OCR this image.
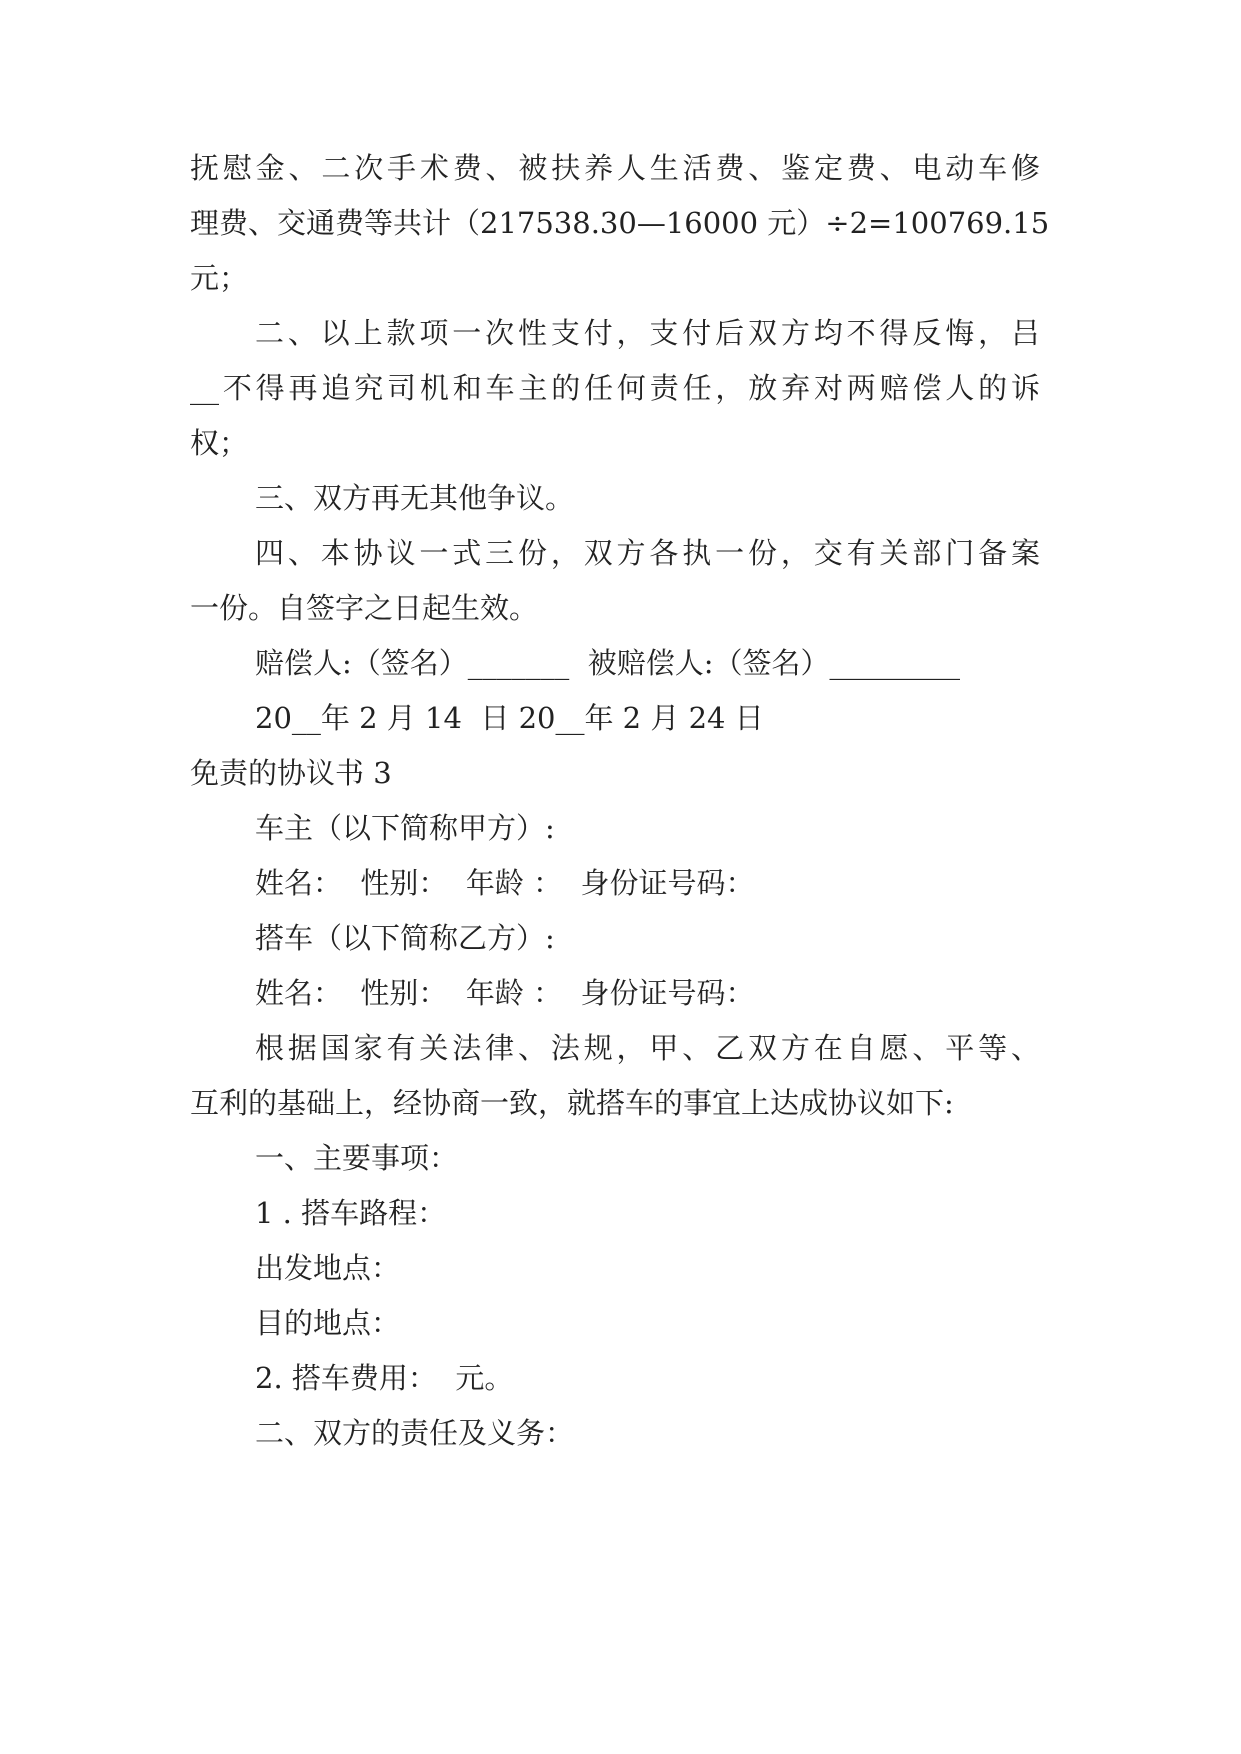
抚慰金、二次手术费、被扶养人生活费、鉴定费、电动车修

理费、交通费等共计（217538.30—16000 元）÷2=100769.15

元；

二、以上款项一次性支付，支付后双方均不得反悔，吕

__不得再追究司机和车主的任何责任，放弃对两赔偿人的诉

权；

三、双方再无其他争议。

四、本协议一式三份，双方各执一份，交有关部门备案

一份。自签字之日起生效。

赔偿人:（签名）_______  被赔偿人:（签名）_________

20__年 2 月 14  日 20__年 2 月 24 日

免责的协议书 3

车主（以下简称甲方）:

姓名：  性别：  年龄 ：  身份证号码：

搭车（以下简称乙方）:

姓名：  性别：  年龄 ：  身份证号码：

根据国家有关法律、法规，甲、乙双方在自愿、平等、

互利的基础上，经协商一致，就搭车的事宜上达成协议如下:

一、主要事项：

1 . 搭车路程：

出发地点：

目的地点：

2. 搭车费用：  元。

二、双方的责任及义务：
